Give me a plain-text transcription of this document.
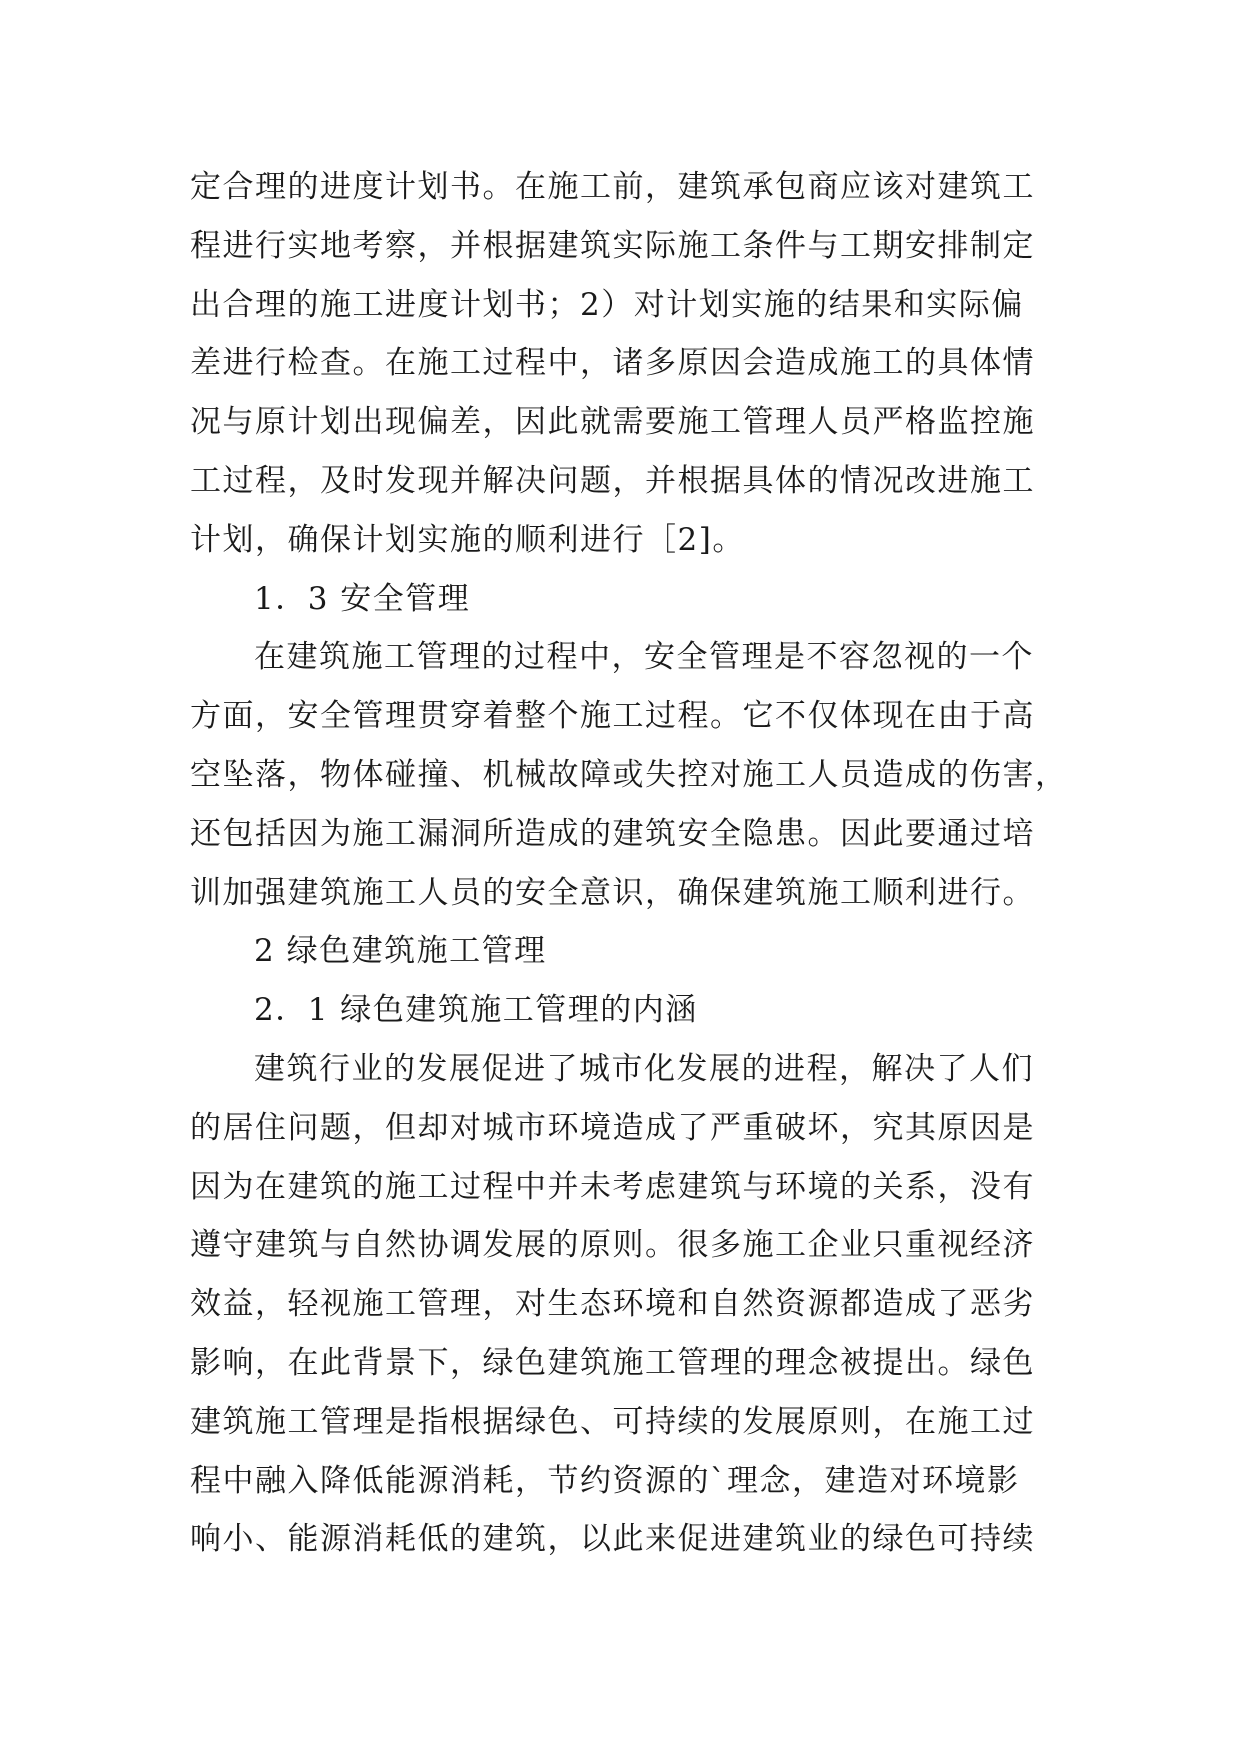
定合理的进度计划书。在施工前，建筑承包商应该对建筑工
程进行实地考察，并根据建筑实际施工条件与工期安排制定
出合理的施工进度计划书；2）对计划实施的结果和实际偏
差进行检查。在施工过程中，诸多原因会造成施工的具体情
况与原计划出现偏差，因此就需要施工管理人员严格监控施
工过程，及时发现并解决问题，并根据具体的情况改进施工
计划，确保计划实施的顺利进行［2]。
1．3 安全管理
在建筑施工管理的过程中，安全管理是不容忽视的一个
方面，安全管理贯穿着整个施工过程。它不仅体现在由于高
空坠落，物体碰撞、机械故障或失控对施工人员造成的伤害，
还包括因为施工漏洞所造成的建筑安全隐患。因此要通过培
训加强建筑施工人员的安全意识，确保建筑施工顺利进行。
2 绿色建筑施工管理
2．1 绿色建筑施工管理的内涵
建筑行业的发展促进了城市化发展的进程，解决了人们
的居住问题，但却对城市环境造成了严重破坏，究其原因是
因为在建筑的施工过程中并未考虑建筑与环境的关系，没有
遵守建筑与自然协调发展的原则。很多施工企业只重视经济
效益，轻视施工管理，对生态环境和自然资源都造成了恶劣
影响，在此背景下，绿色建筑施工管理的理念被提出。绿色
建筑施工管理是指根据绿色、可持续的发展原则，在施工过
程中融入降低能源消耗，节约资源的`理念，建造对环境影
响小、能源消耗低的建筑，以此来促进建筑业的绿色可持续
